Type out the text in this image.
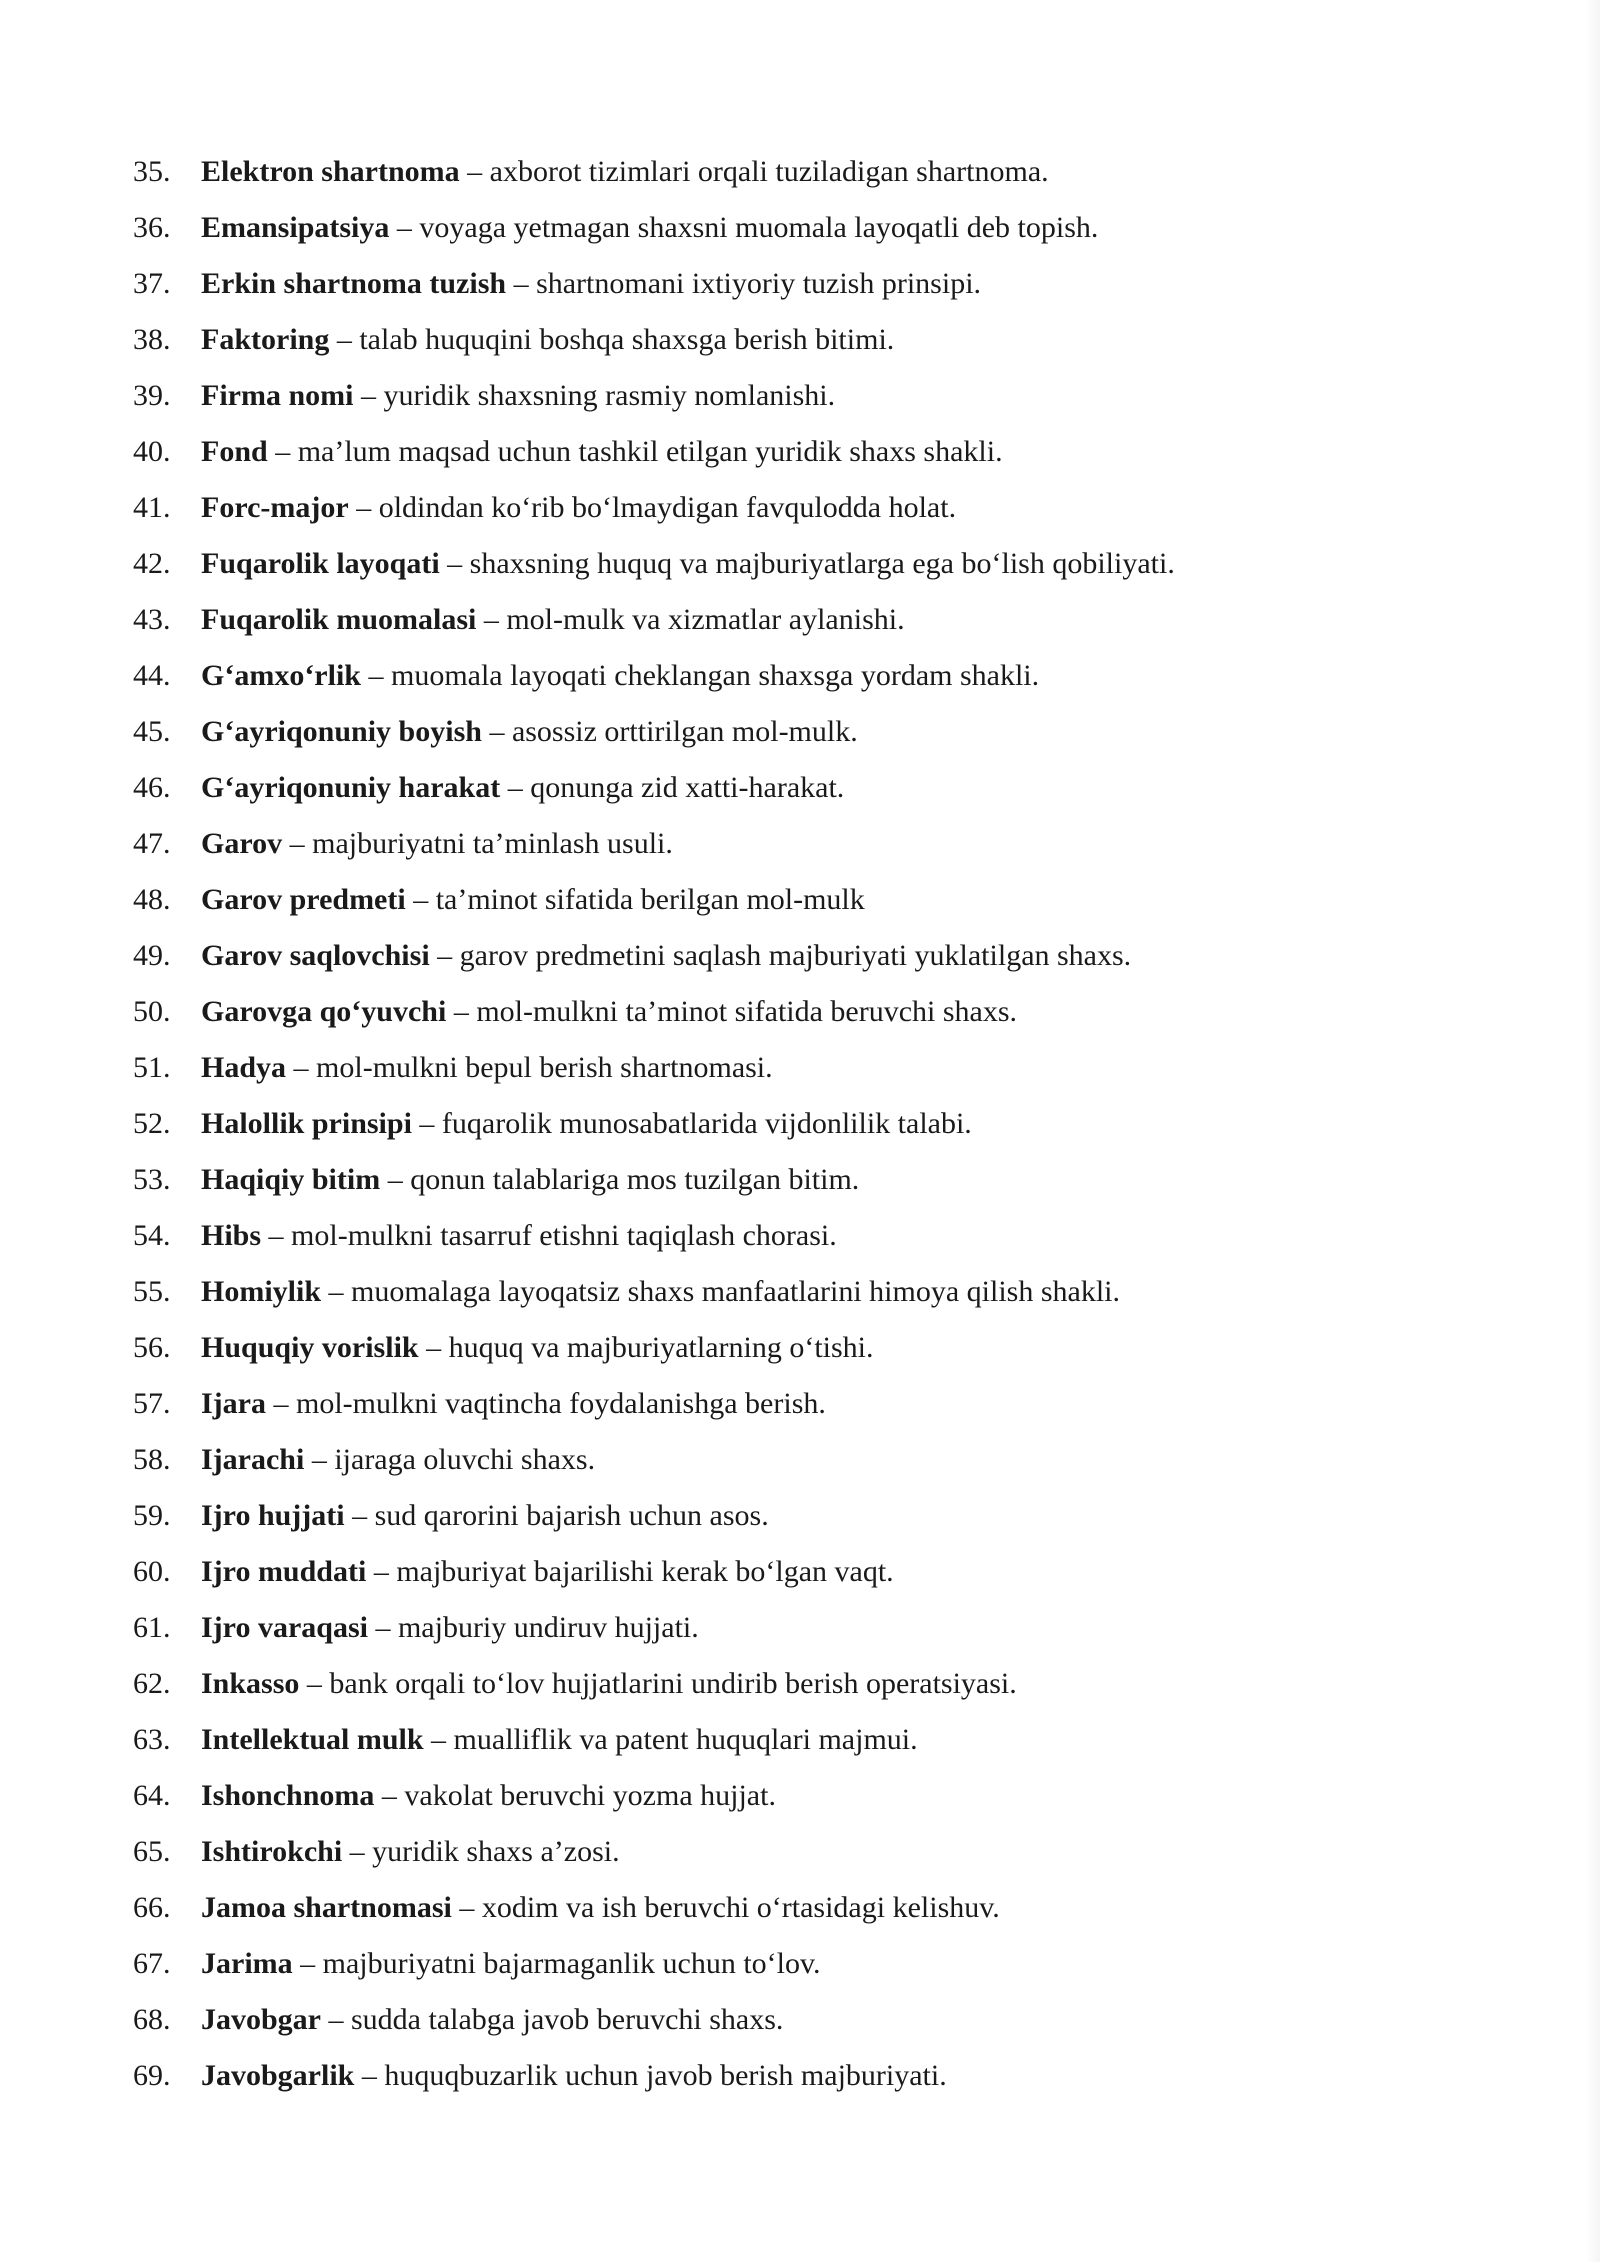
35.	Elektron shartnoma – axborot tizimlari orqali tuziladigan shartnoma.
36.	Emansipatsiya – voyaga yetmagan shaxsni muomala layoqatli deb topish.
37.	Erkin shartnoma tuzish – shartnomani ixtiyoriy tuzish prinsipi.
38.	Faktoring – talab huquqini boshqa shaxsga berish bitimi.
39.	Firma nomi – yuridik shaxsning rasmiy nomlanishi.
40.	Fond – ma’lum maqsad uchun tashkil etilgan yuridik shaxs shakli.
41.	Forc-major – oldindan ko‘rib bo‘lmaydigan favqulodda holat.
42.	Fuqarolik layoqati – shaxsning huquq va majburiyatlarga ega bo‘lish qobiliyati.
43.	Fuqarolik muomalasi – mol-mulk va xizmatlar aylanishi.
44.	G‘amxo‘rlik – muomala layoqati cheklangan shaxsga yordam shakli.
45.	G‘ayriqonuniy boyish – asossiz orttirilgan mol-mulk.
46.	G‘ayriqonuniy harakat – qonunga zid xatti-harakat.
47.	Garov – majburiyatni ta’minlash usuli.
48.	Garov predmeti – ta’minot sifatida berilgan mol-mulk
49.	Garov saqlovchisi – garov predmetini saqlash majburiyati yuklatilgan shaxs.
50.	Garovga qo‘yuvchi – mol-mulkni ta’minot sifatida beruvchi shaxs.
51.	Hadya – mol-mulkni bepul berish shartnomasi.
52.	Halollik prinsipi – fuqarolik munosabatlarida vijdonlilik talabi.
53.	Haqiqiy bitim – qonun talablariga mos tuzilgan bitim.
54.	Hibs – mol-mulkni tasarruf etishni taqiqlash chorasi.
55.	Homiylik – muomalaga layoqatsiz shaxs manfaatlarini himoya qilish shakli.
56.	Huquqiy vorislik – huquq va majburiyatlarning o‘tishi.
57.	Ijara – mol-mulkni vaqtincha foydalanishga berish.
58.	Ijarachi – ijaraga oluvchi shaxs.
59.	Ijro hujjati – sud qarorini bajarish uchun asos.
60.	Ijro muddati – majburiyat bajarilishi kerak bo‘lgan vaqt.
61.	Ijro varaqasi – majburiy undiruv hujjati.
62.	Inkasso – bank orqali to‘lov hujjatlarini undirib berish operatsiyasi.
63.	Intellektual mulk – mualliflik va patent huquqlari majmui.
64.	Ishonchnoma – vakolat beruvchi yozma hujjat.
65.	Ishtirokchi – yuridik shaxs a’zosi.
66.	Jamoa shartnomasi – xodim va ish beruvchi o‘rtasidagi kelishuv.
67.	Jarima – majburiyatni bajarmaganlik uchun to‘lov.
68.	Javobgar – sudda talabga javob beruvchi shaxs.
69.	Javobgarlik – huquqbuzarlik uchun javob berish majburiyati.
